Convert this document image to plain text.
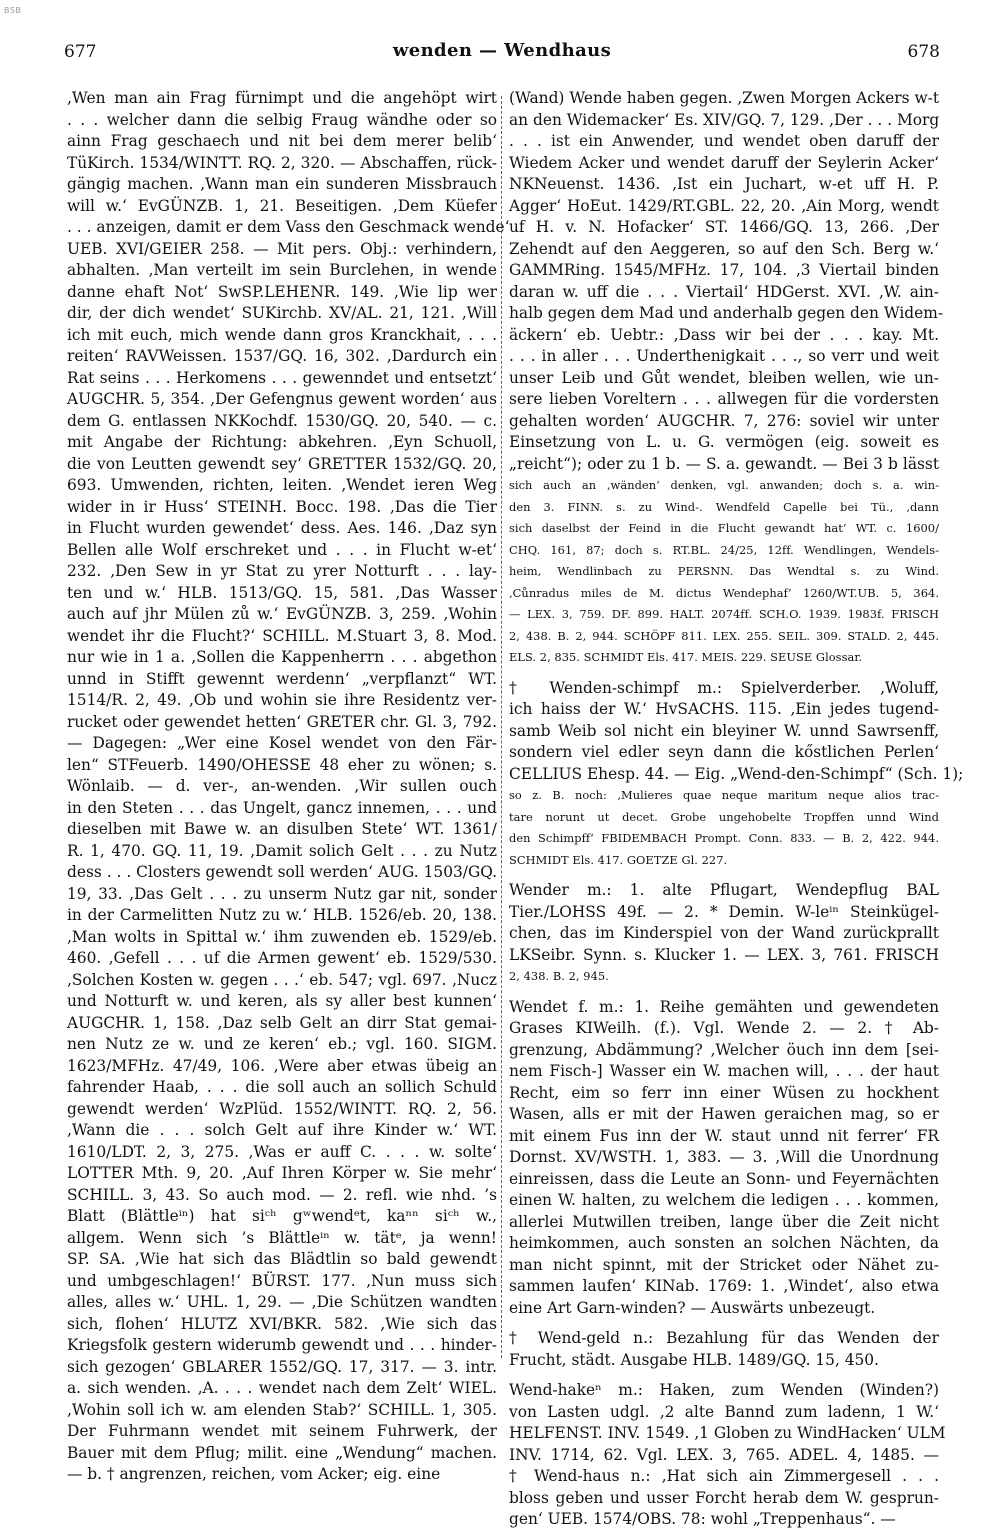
BSB
677	wenden — Wendhaus	678
‚Wen man ain Frag fürnimpt und die angehöpt wirt
. . . welcher dann die selbig Fraug wändhe oder so
ainn Frag geschaech und nit bei dem merer belib‘
TüKirch. 1534/WINTT. RQ. 2, 320. — Abschaffen, rück-
gängig machen. ‚Wann man ein sunderen Missbrauch
will w.‘ EvGÜNZB. 1, 21. Beseitigen. ‚Dem Küefer
. . . anzeigen, damit er dem Vass den Geschmack wende‘
UEB. XVI/GEIER 258. — Mit pers. Obj.: verhindern,
abhalten. ‚Man verteilt im sein Burclehen, in wende
danne ehaft Not‘ SwSP.LEHENR. 149. ‚Wie lip wer
dir, der dich wendet‘ SUKirchb. XV/AL. 21, 121. ‚Will
ich mit euch, mich wende dann gros Kranckhait, . . .
reiten‘ RAVWeissen. 1537/GQ. 16, 302. ‚Dardurch ein
Rat seins . . . Herkomens . . . gewenndet und entsetzt‘
AUGCHR. 5, 354. ‚Der Gefengnus gewent worden‘ aus
dem G. entlassen NKKochdf. 1530/GQ. 20, 540. — c.
mit Angabe der Richtung: abkehren. ‚Eyn Schuoll,
die von Leutten gewendt sey‘ GRETTER 1532/GQ. 20,
693. Umwenden, richten, leiten. ‚Wendet ieren Weg
wider in ir Huss‘ STEINH. Bocc. 198. ‚Das die Tier
in Flucht wurden gewendet‘ dess. Aes. 146. ‚Daz syn
Bellen alle Wolf erschreket und . . . in Flucht w-et‘
232. ‚Den Sew in yr Stat zu yrer Notturft . . . lay-
ten und w.‘ HLB. 1513/GQ. 15, 581. ‚Das Wasser
auch auf jhr Mülen zů w.‘ EvGÜNZB. 3, 259. ‚Wohin
wendet ihr die Flucht?‘ SCHILL. M.Stuart 3, 8. Mod.
nur wie in 1 a. ‚Sollen die Kappenherrn . . . abgethon
unnd in Stifft gewennt werdenn‘ „verpflanzt“ WT.
1514/R. 2, 49. ‚Ob und wohin sie ihre Residentz ver-
rucket oder gewendet hetten‘ GRETER chr. Gl. 3, 792.
— Dagegen: „Wer eine Kosel wendet von den Fär-
len“ STFeuerb. 1490/OHESSE 48 eher zu wönen; s.
Wönlaib. — d. ver-, an-wenden. ‚Wir sullen ouch
in den Steten . . . das Ungelt, gancz innemen, . . . und
dieselben mit Bawe w. an disulben Stete‘ WT. 1361/
R. 1, 470. GQ. 11, 19. ‚Damit solich Gelt . . . zu Nutz
dess . . . Closters gewendt soll werden‘ AUG. 1503/GQ.
19, 33. ‚Das Gelt . . . zu unserm Nutz gar nit, sonder
in der Carmelitten Nutz zu w.‘ HLB. 1526/eb. 20, 138.
‚Man wolts in Spittal w.‘ ihm zuwenden eb. 1529/eb.
460. ‚Gefell . . . uf die Armen gewent‘ eb. 1529/530.
‚Solchen Kosten w. gegen . . .‘ eb. 547; vgl. 697. ‚Nucz
und Notturft w. und keren, als sy aller best kunnen‘
AUGCHR. 1, 158. ‚Daz selb Gelt an dirr Stat gemai-
nen Nutz ze w. und ze keren‘ eb.; vgl. 160. SIGM.
1623/MFHz. 47/49, 106. ‚Were aber etwas übeig an
fahrender Haab, . . . die soll auch an sollich Schuld
gewendt werden‘ WzPlüd. 1552/WINTT. RQ. 2, 56.
‚Wann die . . . solch Gelt auf ihre Kinder w.‘ WT.
1610/LDT. 2, 3, 275. ‚Was er auff C. . . . w. solte‘
LOTTER Mth. 9, 20. ‚Auf Ihren Körper w. Sie mehr‘
SCHILL. 3, 43. So auch mod. — 2. refl. wie nhd. ’s
Blatt (Blättleⁱⁿ) hat siᶜʰ gʷwendᵉt, kaⁿⁿ siᶜʰ w.,
allgem. Wenn sich ’s Blättleⁱⁿ w. tätᵉ, ja wenn!
SP. SA. ‚Wie hat sich das Blädtlin so bald gewendt
und umbgeschlagen!‘ BÜRST. 177. ‚Nun muss sich
alles, alles w.‘ UHL. 1, 29. — ‚Die Schützen wandten
sich, flohen‘ HLUTZ XVI/BKR. 582. ‚Wie sich das
Kriegsfolk gestern widerumb gewendt und . . . hinder-
sich gezogen‘ GBLARER 1552/GQ. 17, 317. — 3. intr.
a. sich wenden. ‚A. . . . wendet nach dem Zelt‘ WIEL.
‚Wohin soll ich w. am elenden Stab?‘ SCHILL. 1, 305.
Der Fuhrmann wendet mit seinem Fuhrwerk, der
Bauer mit dem Pflug; milit. eine „Wendung“ machen.
— b. † angrenzen, reichen, vom Acker; eig. eine
(Wand) Wende haben gegen. ‚Zwen Morgen Ackers w-t
an den Widemacker‘ Es. XIV/GQ. 7, 129. ‚Der . . . Morg
. . . ist ein Anwender, und wendet oben daruff der
Wiedem Acker und wendet daruff der Seylerin Acker‘
NKNeuenst. 1436. ‚Ist ein Juchart, w-et uff H. P.
Agger‘ HoEut. 1429/RT.GBL. 22, 20. ‚Ain Morg, wendt
uf H. v. N. Hofacker‘ ST. 1466/GQ. 13, 266. ‚Der
Zehendt auf den Aeggeren, so auf den Sch. Berg w.‘
GAMMRing. 1545/MFHz. 17, 104. ‚3 Viertail binden
daran w. uff die . . . Viertail‘ HDGerst. XVI. ‚W. ain-
halb gegen dem Mad und anderhalb gegen den Widem-
äckern‘ eb. Uebtr.: ‚Dass wir bei der . . . kay. Mt.
. . . in aller . . . Underthenigkait . . ., so verr und weit
unser Leib und Gůt wendet, bleiben wellen, wie un-
sere lieben Voreltern . . . allwegen für die vordersten
gehalten worden‘ AUGCHR. 7, 276: soviel wir unter
Einsetzung von L. u. G. vermögen (eig. soweit es
„reicht“); oder zu 1 b. — S. a. gewandt. — Bei 3 b lässt
sich auch an ‚wänden‘ denken, vgl. anwanden; doch s. a. win-
den 3. FINN. s. zu Wind-. Wendfeld Capelle bei Tü., ‚dann
sich daselbst der Feind in die Flucht gewandt hat‘ WT. c. 1600/
CHQ. 161, 87; doch s. RT.BL. 24/25, 12ff. Wendlingen, Wendels-
heim, Wendlinbach zu PERSNN. Das Wendtal s. zu Wind.
‚Cůnradus miles de M. dictus Wendephaf‘ 1260/WT.UB. 5, 364.
— LEX. 3, 759. DF. 899. HALT. 2074ff. SCH.O. 1939. 1983f. FRISCH
2, 438. B. 2, 944. SCHÖPF 811. LEX. 255. SEIL. 309. STALD. 2, 445.
ELS. 2, 835. SCHMIDT Els. 417. MEIS. 229. SEUSE Glossar.
† Wenden-schimpf m.: Spielverderber. ‚Woluff,
ich haiss der W.‘ HvSACHS. 115. ‚Ein jedes tugend-
samb Weib sol nicht ein bleyiner W. unnd Sawrsenff,
sondern viel edler seyn dann die kőstlichen Perlen‘
CELLIUS Ehesp. 44. — Eig. „Wend-den-Schimpf“ (Sch. 1);
so z. B. noch: ‚Mulieres quae neque maritum neque alios trac-
tare norunt ut decet. Grobe ungehobelte Tropffen unnd Wind
den Schimpff‘ FBIDEMBACH Prompt. Conn. 833. — B. 2, 422. 944.
SCHMIDT Els. 417. GOETZE Gl. 227.
Wender m.: 1. alte Pflugart, Wendepflug BAL
Tier./LOHSS 49f. — 2. * Demin. W-leⁱⁿ Steinkügel-
chen, das im Kinderspiel von der Wand zurückprallt
LKSeibr. Synn. s. Klucker 1. — LEX. 3, 761. FRISCH
2, 438. B. 2, 945.
Wendet f. m.: 1. Reihe gemähten und gewendeten
Grases KIWeilh. (f.). Vgl. Wende 2. — 2. † Ab-
grenzung, Abdämmung? ‚Welcher öuch inn dem [sei-
nem Fisch-] Wasser ein W. machen will, . . . der haut
Recht, eim so ferr inn einer Wüsen zu hockhent
Wasen, alls er mit der Hawen geraichen mag, so er
mit einem Fus inn der W. staut unnd nit ferrer‘ FR
Dornst. XV/WSTH. 1, 383. — 3. ‚Will die Unordnung
einreissen, dass die Leute an Sonn- und Feyernächten
einen W. halten, zu welchem die ledigen . . . kommen,
allerlei Mutwillen treiben, lange über die Zeit nicht
heimkommen, auch sonsten an solchen Nächten, da
man nicht spinnt, mit der Stricket oder Nähet zu-
sammen laufen‘ KINab. 1769: 1. ‚Windet‘, also etwa
eine Art Garn-winden? — Auswärts unbezeugt.
† Wend-geld n.: Bezahlung für das Wenden der
Frucht, städt. Ausgabe HLB. 1489/GQ. 15, 450.
Wend-hakeⁿ m.: Haken, zum Wenden (Winden?)
von Lasten udgl. ‚2 alte Bannd zum ladenn, 1 W.‘
HELFENST. INV. 1549. ‚1 Globen zu WindHacken‘ ULM
INV. 1714, 62. Vgl. LEX. 3, 765. ADEL. 4, 1485. —
† Wend-haus n.: ‚Hat sich ain Zimmergesell . . .
bloss geben und usser Forcht herab dem W. gesprun-
gen‘ UEB. 1574/OBS. 78: wohl „Treppenhaus“. —
